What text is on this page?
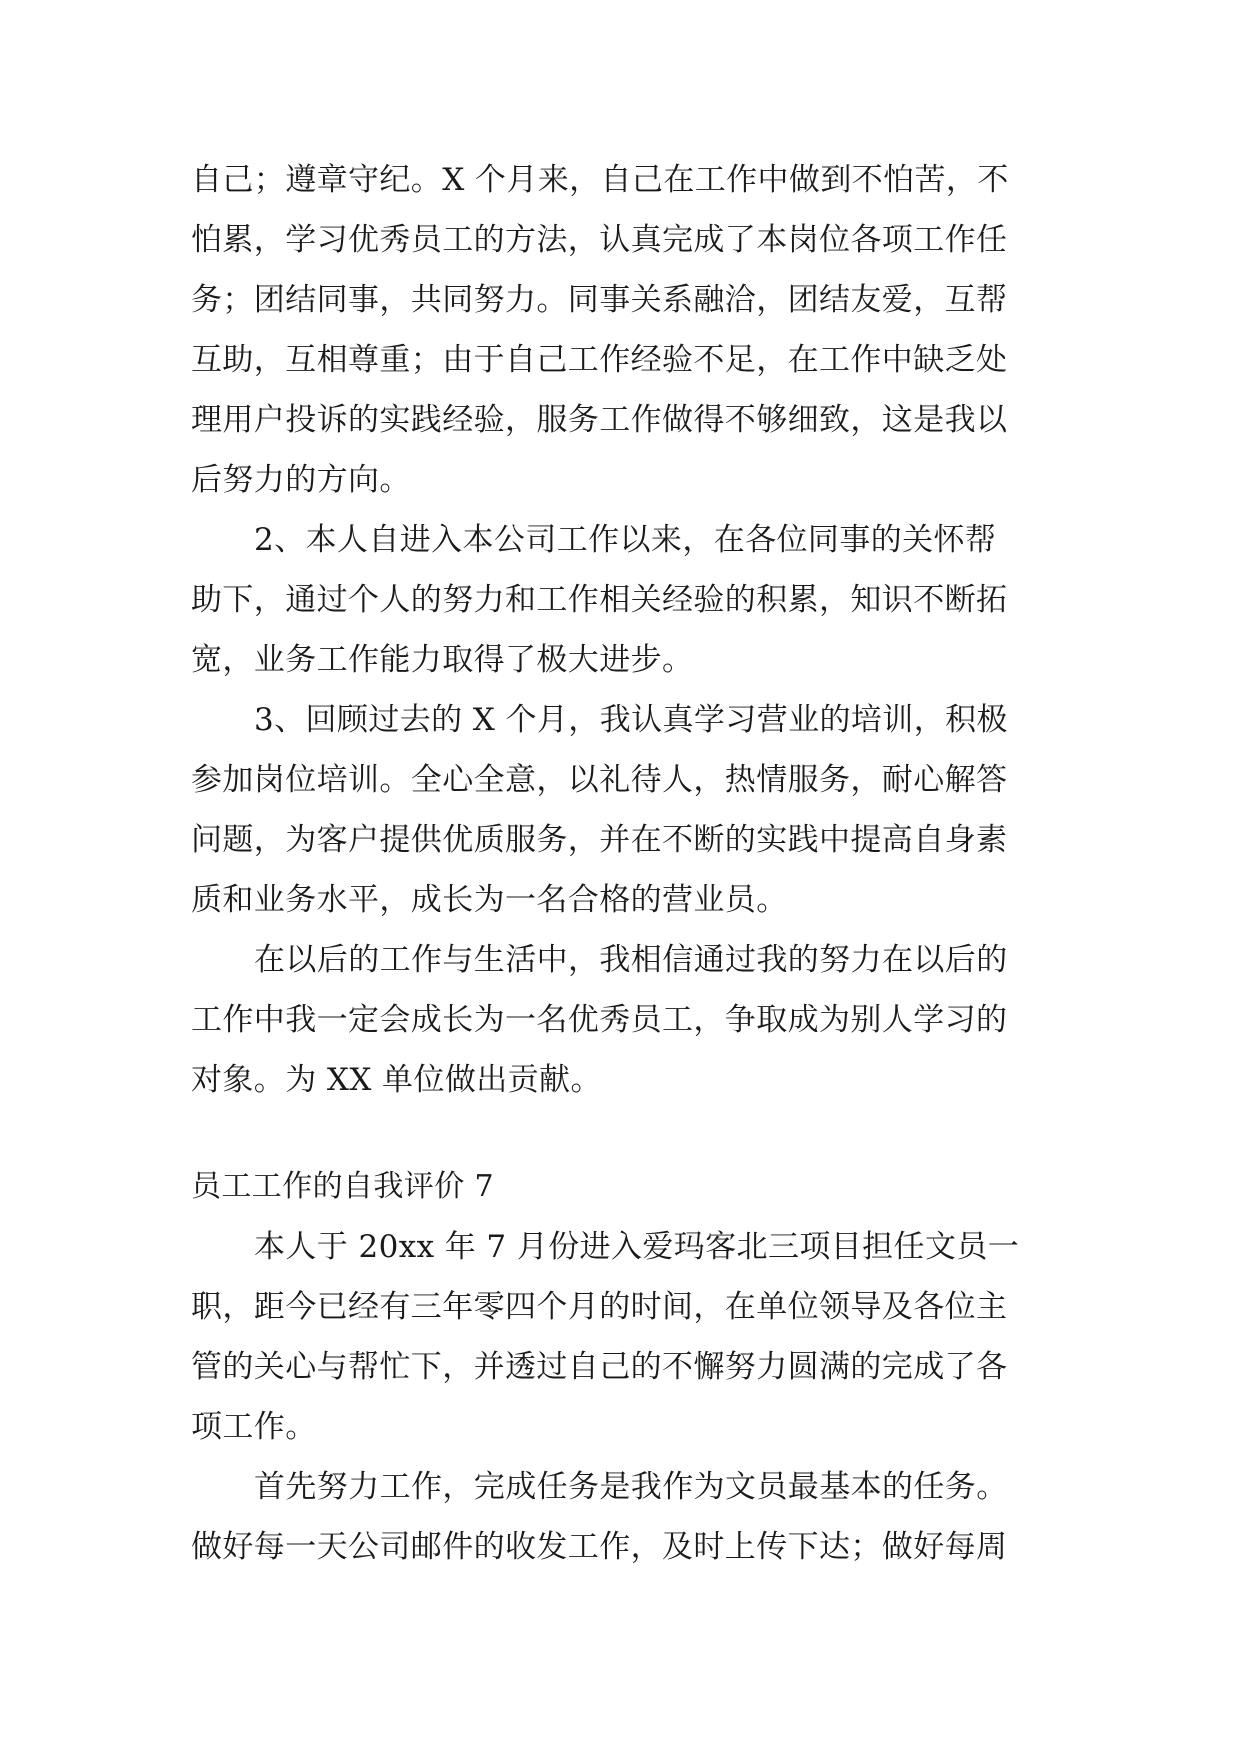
自己；遵章守纪。X 个月来，自己在工作中做到不怕苦，不
怕累，学习优秀员工的方法，认真完成了本岗位各项工作任
务；团结同事，共同努力。同事关系融洽，团结友爱，互帮
互助，互相尊重；由于自己工作经验不足，在工作中缺乏处
理用户投诉的实践经验，服务工作做得不够细致，这是我以
后努力的方向。
2、本人自进入本公司工作以来，在各位同事的关怀帮
助下，通过个人的努力和工作相关经验的积累，知识不断拓
宽，业务工作能力取得了极大进步。
3、回顾过去的 X 个月，我认真学习营业的培训，积极
参加岗位培训。全心全意，以礼待人，热情服务，耐心解答
问题，为客户提供优质服务，并在不断的实践中提高自身素
质和业务水平，成长为一名合格的营业员。
在以后的工作与生活中，我相信通过我的努力在以后的
工作中我一定会成长为一名优秀员工，争取成为别人学习的
对象。为 XX 单位做出贡献。
员工工作的自我评价 7
本人于 20xx 年 7 月份进入爱玛客北三项目担任文员一
职，距今已经有三年零四个月的时间，在单位领导及各位主
管的关心与帮忙下，并透过自己的不懈努力圆满的完成了各
项工作。
首先努力工作，完成任务是我作为文员最基本的任务。
做好每一天公司邮件的收发工作，及时上传下达；做好每周
